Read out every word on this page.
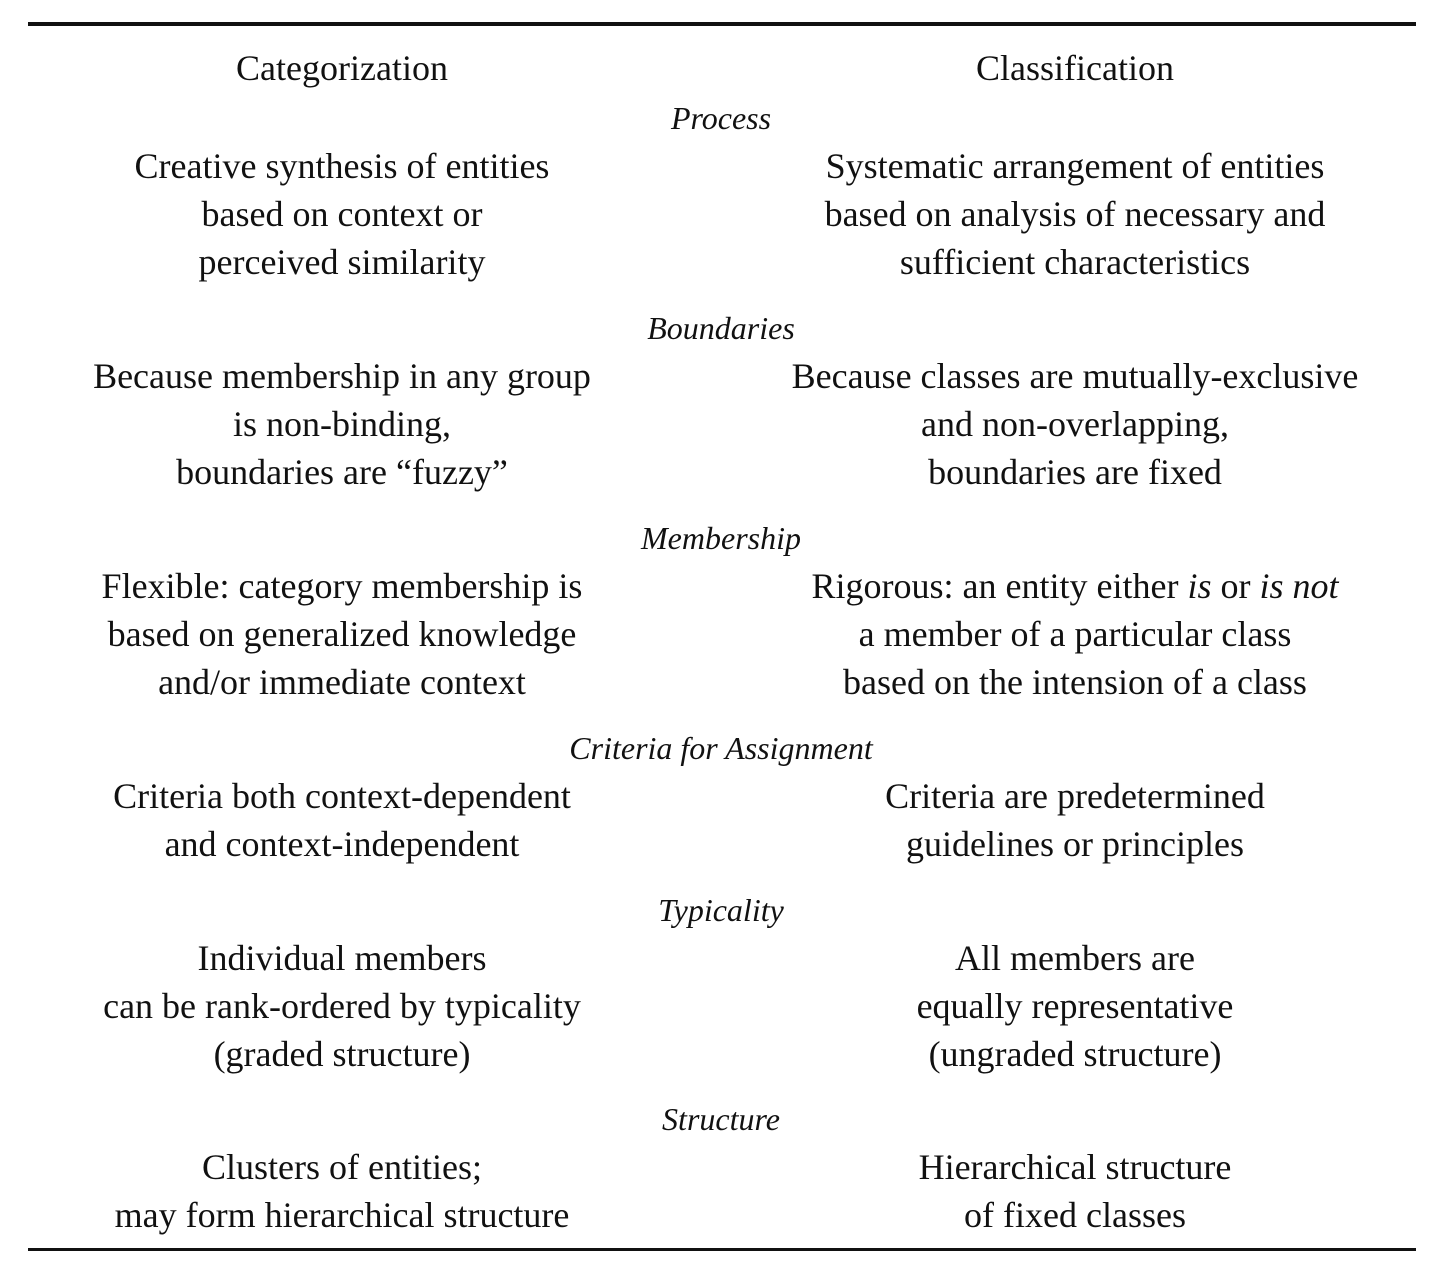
Categorization	Classification
Process
Creative synthesis of entities
based on context or
perceived similarity
Systematic arrangement of entities
based on analysis of necessary and
sufficient characteristics
Boundaries
Because membership in any group
is non-binding,
boundaries are “fuzzy”
Because classes are mutually-exclusive
and non-overlapping,
boundaries are fixed
Membership
Flexible: category membership is
based on generalized knowledge
and/or immediate context
Rigorous: an entity either is or is not
a member of a particular class
based on the intension of a class
Criteria for Assignment
Criteria both context-dependent
and context-independent
Criteria are predetermined
guidelines or principles
Typicality
Individual members
can be rank-ordered by typicality
(graded structure)
All members are
equally representative
(ungraded structure)
Structure
Clusters of entities;
may form hierarchical structure
Hierarchical structure
of fixed classes
